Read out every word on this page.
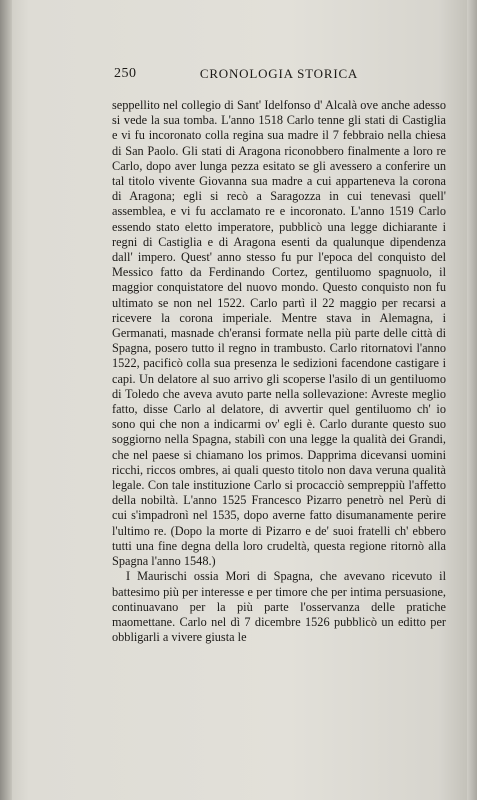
250	CRONOLOGIA STORICA

seppellito nel collegio di Sant' Idelfonso d' Alcalà ove anche adesso si vede la sua tomba. L'anno 1518 Carlo tenne gli stati di Castiglia e vi fu incoronato colla regina sua madre il 7 febbraio nella chiesa di San Paolo. Gli stati di Aragona riconobbero finalmente a loro re Carlo, dopo aver lunga pezza esitato se gli avessero a conferire un tal titolo vivente Giovanna sua madre a cui apparteneva la corona di Aragona; egli si recò a Saragozza in cui tenevasi quell' assemblea, e vi fu acclamato re e incoronato. L'anno 1519 Carlo essendo stato eletto imperatore, pubblicò una legge dichiarante i regni di Castiglia e di Aragona esenti da qualunque dipendenza dall' impero. Quest' anno stesso fu pur l'epoca del conquisto del Messico fatto da Ferdinando Cortez, gentiluomo spagnuolo, il maggior conquistatore del nuovo mondo. Questo conquisto non fu ultimato se non nel 1522. Carlo partì il 22 maggio per recarsi a ricevere la corona imperiale. Mentre stava in Alemagna, i Germanati, masnade ch'eransi formate nella più parte delle città di Spagna, posero tutto il regno in trambusto. Carlo ritornatovi l'anno 1522, pacificò colla sua presenza le sedizioni facendone castigare i capi. Un delatore al suo arrivo gli scoperse l'asilo di un gentiluomo di Toledo che aveva avuto parte nella sollevazione: Avreste meglio fatto, disse Carlo al delatore, di avvertir quel gentiluomo ch' io sono qui che non a indicarmi ov' egli è. Carlo durante questo suo soggiorno nella Spagna, stabilì con una legge la qualità dei Grandi, che nel paese si chiamano los primos. Dapprima dicevansi uomini ricchi, riccos ombres, ai quali questo titolo non dava veruna qualità legale. Con tale instituzione Carlo si procacciò sempreppiù l'affetto della nobiltà. L'anno 1525 Francesco Pizarro penetrò nel Perù di cui s'impadronì nel 1535, dopo averne fatto disumanamente perire l'ultimo re. (Dopo la morte di Pizarro e de' suoi fratelli ch' ebbero tutti una fine degna della loro crudeltà, questa regione ritornò alla Spagna l'anno 1548.)

I Maurischi ossia Mori di Spagna, che avevano ricevuto il battesimo più per interesse e per timore che per intima persuasione, continuavano per la più parte l'osservanza delle pratiche maomettane. Carlo nel dì 7 dicembre 1526 pubblicò un editto per obbligarli a vivere giusta le
